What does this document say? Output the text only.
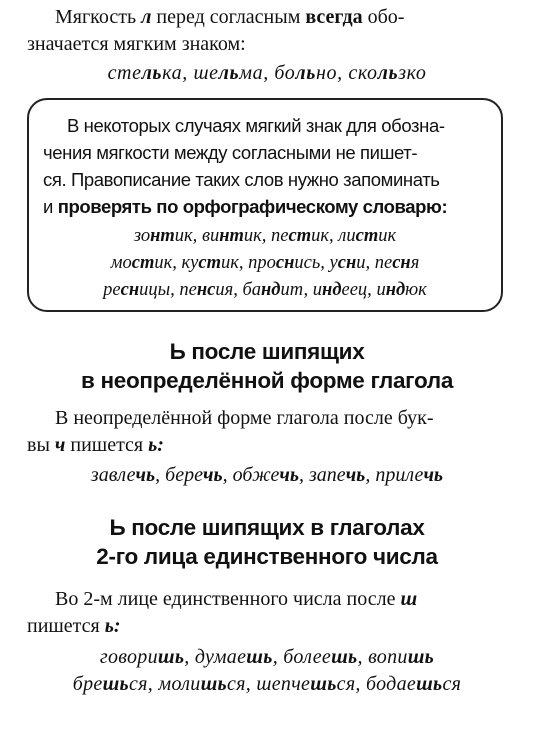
Мягкость л перед согласным всегда обо-

значается мягким знаком:

стелька, шельма, больно, скользко

В некоторых случаях мягкий знак для обозна-

чения мягкости между согласными не пишет-

ся. Правописание таких слов нужно запоминать

и проверять по орфографическому словарю:

зонтик, винтик, пестик, листик

мостик, кустик, проснись, усни, песня

ресницы, пенсия, бандит, индеец, индюк

Ь после шипящих
в неопределённой форме глагола

В неопределённой форме глагола после бук-

вы ч пишется ь:

завлечь, беречь, обжечь, запечь, прилечь

Ь после шипящих в глаголах
2-го лица единственного числа

Во 2-м лице единственного числа после ш

пишется ь:

говоришь, думаешь, болеешь, вопишь

брешься, молишься, шепчешься, бодаешься
